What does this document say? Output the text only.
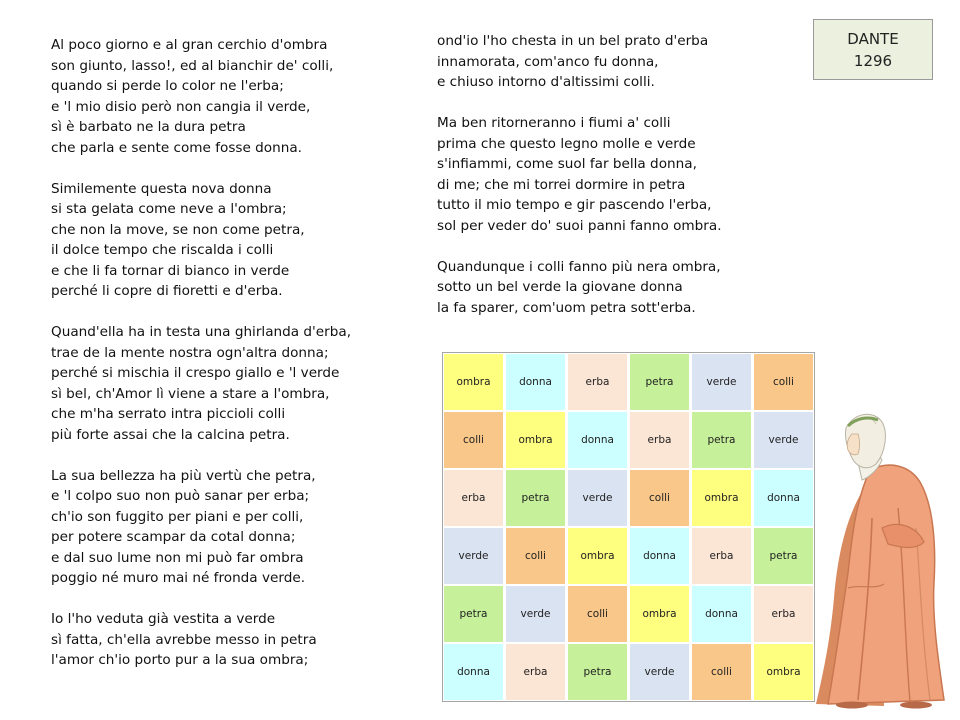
Al poco giorno e al gran cerchio d'ombra
son giunto, lasso!, ed al bianchir de' colli,
quando si perde lo color ne l'erba;
e 'l mio disio però non cangia il verde,
sì è barbato ne la dura petra
che parla e sente come fosse donna.
Similemente questa nova donna
si sta gelata come neve a l'ombra;
che non la move, se non come petra,
il dolce tempo che riscalda i colli
e che li fa tornar di bianco in verde
perché li copre di fioretti e d'erba.
Quand'ella ha in testa una ghirlanda d'erba,
trae de la mente nostra ogn'altra donna;
perché si mischia il crespo giallo e 'l verde
sì bel, ch'Amor lì viene a stare a l'ombra,
che m'ha serrato intra piccioli colli
più forte assai che la calcina petra.
La sua bellezza ha più vertù che petra,
e 'l colpo suo non può sanar per erba;
ch'io son fuggito per piani e per colli,
per potere scampar da cotal donna;
e dal suo lume non mi può far ombra
poggio né muro mai né fronda verde.
Io l'ho veduta già vestita a verde
sì fatta, ch'ella avrebbe messo in petra
l'amor ch'io porto pur a la sua ombra;
ond'io l'ho chesta in un bel prato d'erba
innamorata, com'anco fu donna,
e chiuso intorno d'altissimi colli.
Ma ben ritorneranno i fiumi a' colli
prima che questo legno molle e verde
s'infiammi, come suol far bella donna,
di me; che mi torrei dormire in petra
tutto il mio tempo e gir pascendo l'erba,
sol per veder do' suoi panni fanno ombra.
Quandunque i colli fanno più nera ombra,
sotto un bel verde la giovane donna
la fa sparer, com'uom petra sott'erba.
DANTE
1296
ombra	donna	erba	petra	verde	colli
colli	ombra	donna	erba	petra	verde
erba	petra	verde	colli	ombra	donna
verde	colli	ombra	donna	erba	petra
petra	verde	colli	ombra	donna	erba
donna	erba	petra	verde	colli	ombra
